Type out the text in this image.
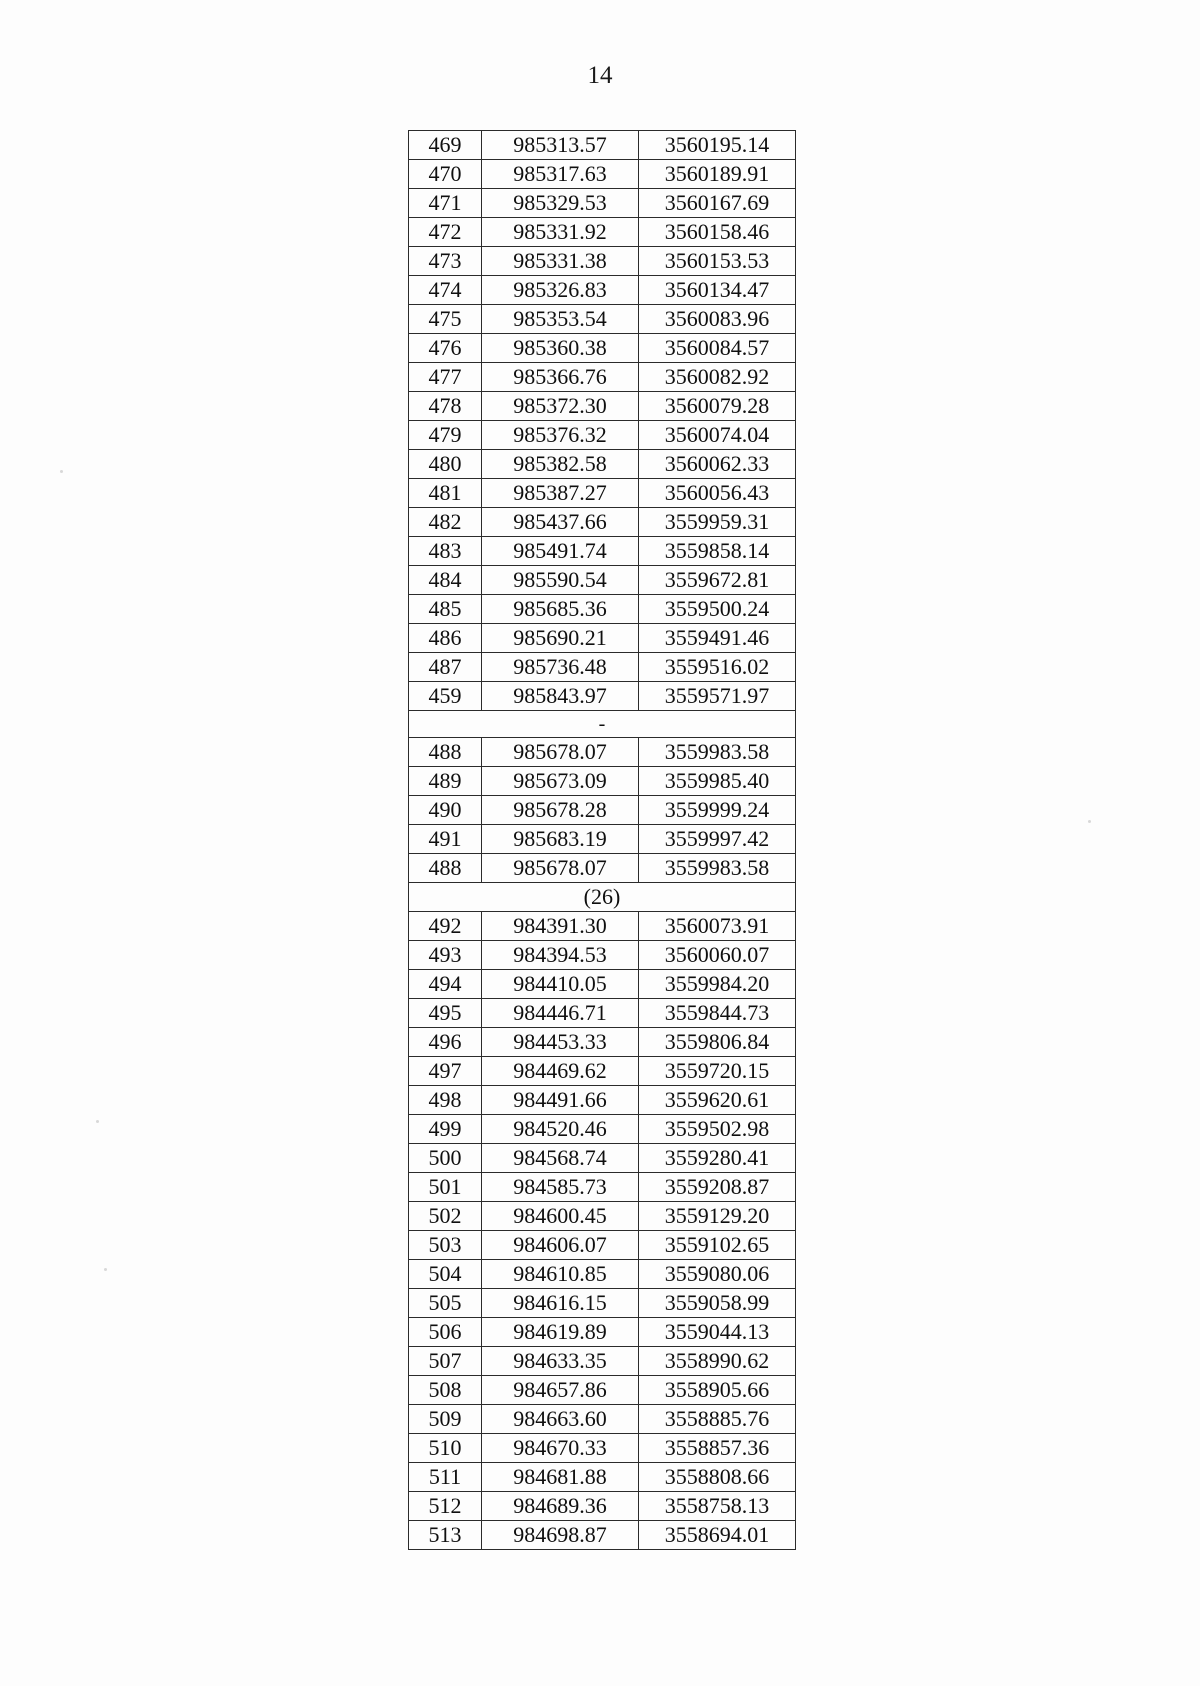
14
469	985313.57	3560195.14
470	985317.63	3560189.91
471	985329.53	3560167.69
472	985331.92	3560158.46
473	985331.38	3560153.53
474	985326.83	3560134.47
475	985353.54	3560083.96
476	985360.38	3560084.57
477	985366.76	3560082.92
478	985372.30	3560079.28
479	985376.32	3560074.04
480	985382.58	3560062.33
481	985387.27	3560056.43
482	985437.66	3559959.31
483	985491.74	3559858.14
484	985590.54	3559672.81
485	985685.36	3559500.24
486	985690.21	3559491.46
487	985736.48	3559516.02
459	985843.97	3559571.97
-		
488	985678.07	3559983.58
489	985673.09	3559985.40
490	985678.28	3559999.24
491	985683.19	3559997.42
488	985678.07	3559983.58
(26)		
492	984391.30	3560073.91
493	984394.53	3560060.07
494	984410.05	3559984.20
495	984446.71	3559844.73
496	984453.33	3559806.84
497	984469.62	3559720.15
498	984491.66	3559620.61
499	984520.46	3559502.98
500	984568.74	3559280.41
501	984585.73	3559208.87
502	984600.45	3559129.20
503	984606.07	3559102.65
504	984610.85	3559080.06
505	984616.15	3559058.99
506	984619.89	3559044.13
507	984633.35	3558990.62
508	984657.86	3558905.66
509	984663.60	3558885.76
510	984670.33	3558857.36
511	984681.88	3558808.66
512	984689.36	3558758.13
513	984698.87	3558694.01
